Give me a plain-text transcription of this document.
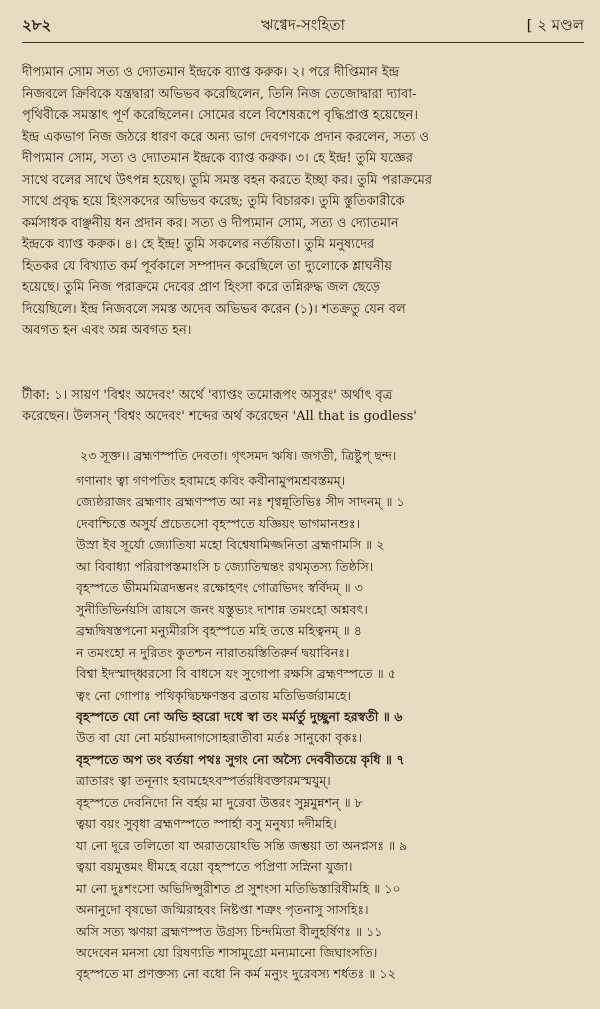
২৮২	ঋগ্বেদ-সংহিতা	[ ২ মণ্ডল
দীপ্যমান সোম সত্য ও দ্যোতমান ইন্দ্রকে ব্যাপ্ত করুক। ২। পরে দীপ্তিমান ইন্দ্র
নিজবলে ক্রিবিকে যন্ত্রদ্বারা অভিভব করেছিলেন, তিনি নিজ তেজোদ্বারা দ্যাবা-
পৃথিবীকে সমস্তাৎ পূর্ণ করেছিলেন। সোমের বলে বিশেষরূপে বৃদ্ধিপ্রাপ্ত হয়েছেন।
ইন্দ্র একভাগ নিজ জঠরে ধারণ করে অন্য ভাগ দেবগণকে প্রদান করলেন, সত্য ও
দীপ্যমান সোম, সত্য ও দ্যোতমান ইন্দ্রকে ব্যাপ্ত করুক। ৩। হে ইন্দ্র! তুমি যজ্ঞের
সাথে বলের সাথে উৎপন্ন হয়েছ। তুমি সমস্ত বহন করতে ইচ্ছা কর। তুমি পরাক্রমের
সাথে প্রবৃদ্ধ হয়ে হিংসকদের অভিভব করেছ; তুমি বিচারক। তুমি স্তুতিকারীকে
কর্মসাধক বাঞ্ছনীয় ধন প্রদান কর। সত্য ও দীপ্যমান সোম, সত্য ও দ্যোতমান
ইন্দ্রকে ব্যাপ্ত করুক। ৪। হে ইন্দ্র! তুমি সকলের নর্তয়িতা। তুমি মনুষ্যদের
হিতকর যে বিখ্যাত কর্ম পূর্বকালে সম্পাদন করেছিলে তা দ্যুলোকে শ্লাঘনীয়
হয়েছে। তুমি নিজ পরাক্রমে দেবের প্রাণ হিংসা করে তন্নিরুদ্ধ জল ছেড়ে
দিয়েছিলে। ইন্দ্র নিজবলে সমস্ত অদেব অভিভব করেন (১)। শতক্রতু যেন বল
অবগত হন এবং অন্ন অবগত হন।
টীকা: ১। সায়ণ 'বিশ্বং অদেবং' অর্থে 'ব্যাপ্তং তমোরূপং অসুরং' অর্থাৎ বৃত্র
করেছেন। উলসন্ 'বিশ্বং অদেবং' শব্দের অর্থ করেছেন 'All that is godless'
২৩ সূক্ত।। ব্রহ্মণস্পতি দেবতা। গৃৎসমদ ঋষি। জগতী, ত্রিষ্টুপ্ ছন্দ।
গণানাং ত্বা গণপতিং হবামহে কবিং কবীনামুপমশ্রবস্তমম্।
জ্যেষ্ঠরাজং ব্রহ্মণাং ব্রহ্মণস্পত আ নঃ শৃণ্বন্নূতিভিঃ সীদ সাদনম্ ॥ ১
দেবাশ্চিত্তে অসুর্য প্রচেতসো বৃহস্পতে যজ্ঞিয়ং ভাগমানশুঃ।
উস্রা ইব সূর্যো জ্যোতিষা মহো বিশ্বেষামিজ্জনিতা ব্রহ্মণামসি ॥ ২
আ বিবাধ্যা পরিরাপস্তমাংসি চ জ্যোতিষ্মন্তং রথমৃতস্য তিষ্ঠসি।
বৃহস্পতে ভীমমমিত্রদম্ভনং রক্ষোহণং গোত্রভিদং স্বর্বিদম্ ॥ ৩
সুনীতিভির্নয়সি ত্রায়সে জনং যস্তুভ্যং দাশান্ন তমংহো অশ্নবৎ।
ব্রহ্মদ্বিষস্তপনো মন্যুমীরসি বৃহস্পতে মহি তত্তে মহিত্বনম্ ॥ ৪
ন তমংহো ন দুরিতং কুতশ্চন নারাতয়স্তিতিরুর্ন দ্বয়াবিনঃ।
বিশ্বা ইদস্মাদ্ধ্বরসো বি বাধসে যং সুগোপা রক্ষসি ব্রহ্মণস্পতে ॥ ৫
ত্বং নো গোপাঃ পথিকৃদ্বিচক্ষণস্তব ব্রতায় মতিভির্জরামহে।
বৃহস্পতে যো নো অভি হ্বরো দধে স্বা তং মর্মর্তু দুচ্ছুনা হরস্বতী ॥ ৬
উত বা যো নো মর্চয়াদনাগসোহরাতীবা মর্তঃ সানুকো বৃকঃ।
বৃহস্পতে অপ তং বর্তয়া পথঃ সুগং নো অস্যৈ দেববীতয়ে কৃধি ॥ ৭
ত্রাতারং ত্বা তনূনাং হবামহেঽবস্পর্তরধিবক্তারমস্মযুম্।
বৃহস্পতে দেবনিদো নি বর্হয় মা দুরেবা উত্তরং সুম্নমুন্নশন্ ॥ ৮
ত্বয়া বয়ং সুবৃধা ব্রহ্মণস্পতে স্পার্হা বসু মনুষ্যা দদীমহি।
যা নো দূরে তলিতো যা অরাতয়োঽভি সন্তি জম্ভয়া তা অনপ্নসঃ ॥ ৯
ত্বয়া বয়মুত্তমং ধীমহে বয়ো বৃহস্পতে পপ্রিণা সস্নিনা যুজা।
মা নো দুঃশংসো অভিদিপ্সুরীশত প্র সুশংসা মতিভিস্তারিষীমহি ॥ ১০
অনানুদো বৃষভো জগ্মিরাহবং নিষ্টপ্তা শত্রুং পৃতনাসু সাসহিঃ।
অসি সত্য ঋণয়া ব্রহ্মণস্পত উগ্রস্য চিন্দমিতা বীলুহর্ষিণঃ ॥ ১১
অদেবেন মনসা যো রিষণ্যতি শাসামুগ্রো মন্যমানো জিঘাংসতি।
বৃহস্পতে মা প্রণক্তস্য নো বধো নি কর্ম মন্যুং দুরেবস্য শর্ধতঃ ॥ ১২
